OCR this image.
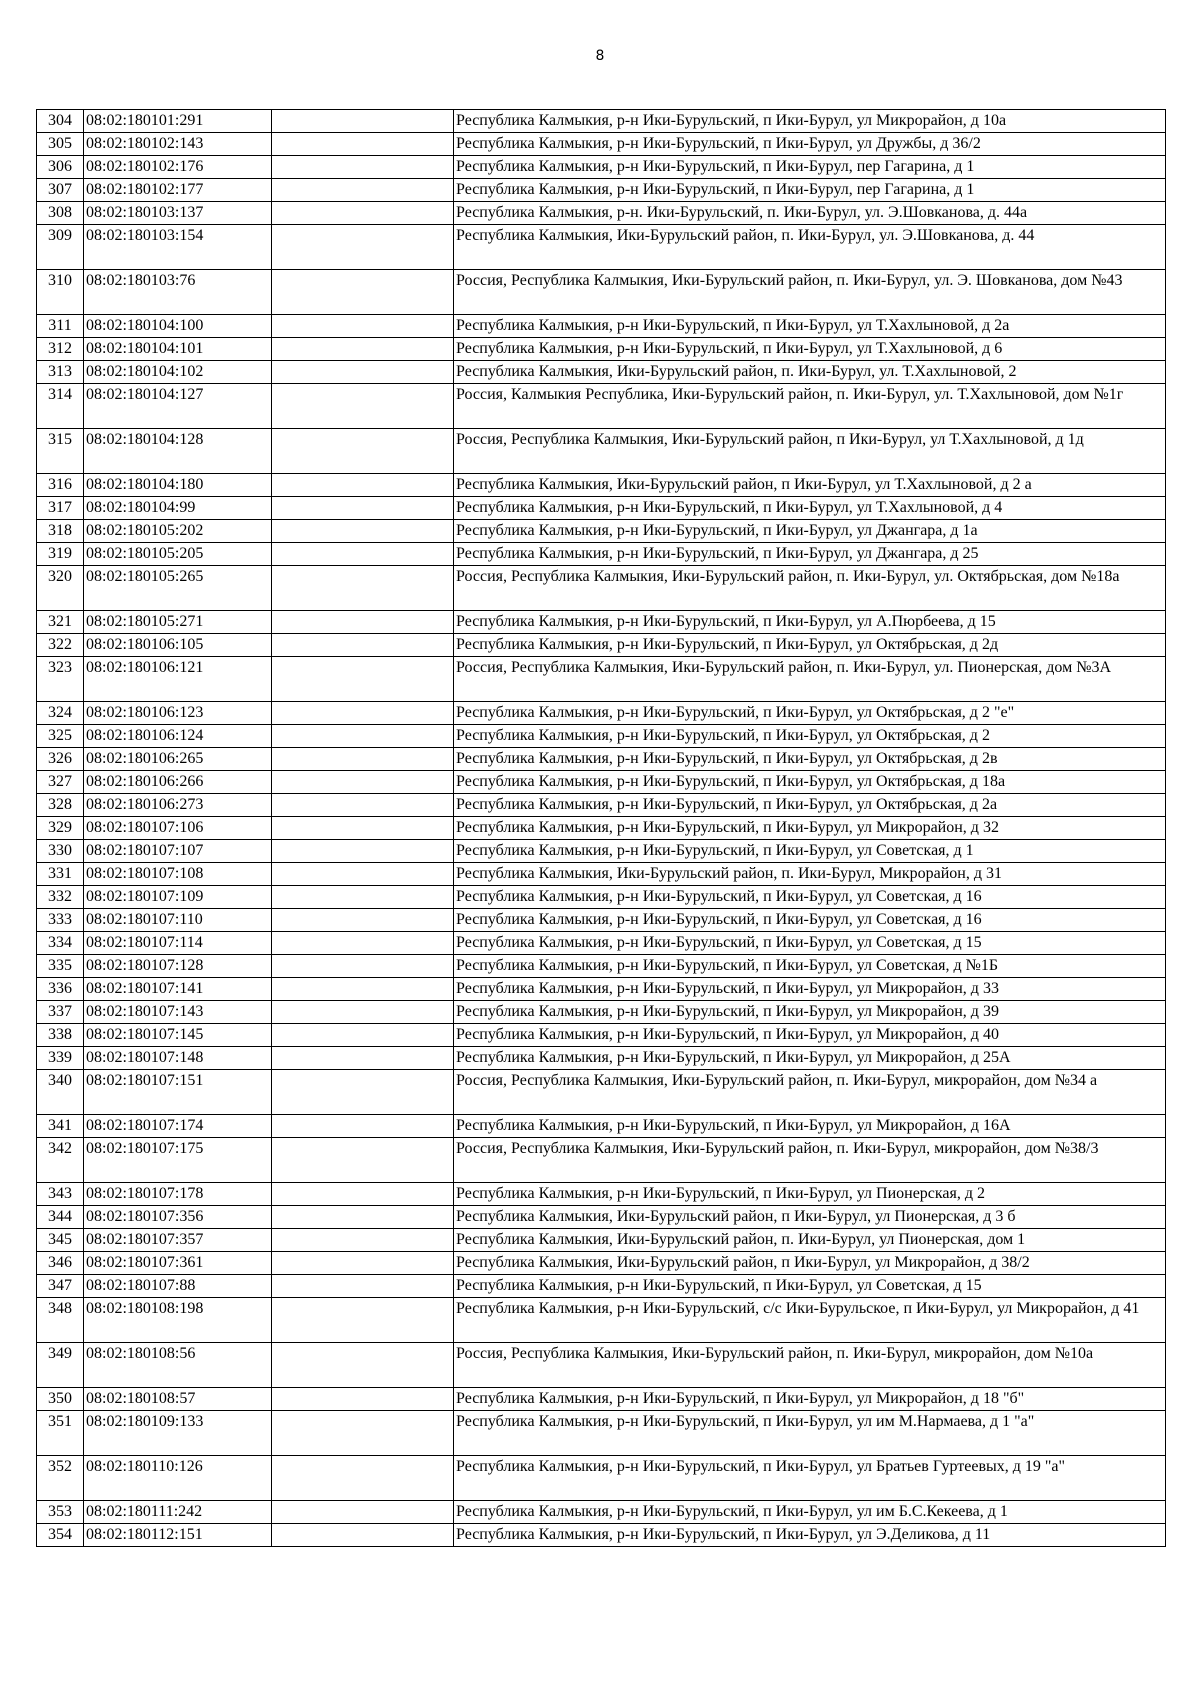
8
304	08:02:180101:291		Республика Калмыкия, р-н Ики-Бурульский, п Ики-Бурул, ул Микрорайон, д 10а
305	08:02:180102:143		Республика Калмыкия, р-н Ики-Бурульский, п Ики-Бурул, ул Дружбы, д 36/2
306	08:02:180102:176		Республика Калмыкия, р-н Ики-Бурульский, п Ики-Бурул, пер Гагарина, д 1
307	08:02:180102:177		Республика Калмыкия, р-н Ики-Бурульский, п Ики-Бурул, пер Гагарина, д 1
308	08:02:180103:137		Республика Калмыкия, р-н. Ики-Бурульский, п. Ики-Бурул, ул. Э.Шовканова, д. 44а
309	08:02:180103:154		Республика Калмыкия, Ики-Бурульский район, п. Ики-Бурул, ул. Э.Шовканова, д. 44
310	08:02:180103:76		Россия, Республика Калмыкия, Ики-Бурульский район, п. Ики-Бурул, ул. Э. Шовканова, дом №43
311	08:02:180104:100		Республика Калмыкия, р-н Ики-Бурульский, п Ики-Бурул, ул Т.Хахлыновой, д 2а
312	08:02:180104:101		Республика Калмыкия, р-н Ики-Бурульский, п Ики-Бурул, ул Т.Хахлыновой, д 6
313	08:02:180104:102		Республика Калмыкия, Ики-Бурульский район, п. Ики-Бурул, ул. Т.Хахлыновой, 2
314	08:02:180104:127		Россия, Калмыкия Республика, Ики-Бурульский район, п. Ики-Бурул, ул. Т.Хахлыновой, дом №1г
315	08:02:180104:128		Россия, Республика Калмыкия, Ики-Бурульский район, п Ики-Бурул, ул Т.Хахлыновой, д 1д
316	08:02:180104:180		Республика Калмыкия, Ики-Бурульский район, п Ики-Бурул, ул Т.Хахлыновой, д 2 а
317	08:02:180104:99		Республика Калмыкия, р-н Ики-Бурульский, п Ики-Бурул, ул Т.Хахлыновой, д 4
318	08:02:180105:202		Республика Калмыкия, р-н Ики-Бурульский, п Ики-Бурул, ул Джангара, д 1а
319	08:02:180105:205		Республика Калмыкия, р-н Ики-Бурульский, п Ики-Бурул, ул Джангара, д 25
320	08:02:180105:265		Россия, Республика Калмыкия, Ики-Бурульский район, п. Ики-Бурул, ул. Октябрьская, дом №18а
321	08:02:180105:271		Республика Калмыкия, р-н Ики-Бурульский, п Ики-Бурул, ул А.Пюрбеева, д 15
322	08:02:180106:105		Республика Калмыкия, р-н Ики-Бурульский, п Ики-Бурул, ул Октябрьская, д 2д
323	08:02:180106:121		Россия, Республика Калмыкия, Ики-Бурульский район, п. Ики-Бурул, ул. Пионерская, дом №3А
324	08:02:180106:123		Республика Калмыкия, р-н Ики-Бурульский, п Ики-Бурул, ул Октябрьская, д 2 "е"
325	08:02:180106:124		Республика Калмыкия, р-н Ики-Бурульский, п Ики-Бурул, ул Октябрьская, д 2
326	08:02:180106:265		Республика Калмыкия, р-н Ики-Бурульский, п Ики-Бурул, ул Октябрьская, д 2в
327	08:02:180106:266		Республика Калмыкия, р-н Ики-Бурульский, п Ики-Бурул, ул Октябрьская, д 18а
328	08:02:180106:273		Республика Калмыкия, р-н Ики-Бурульский, п Ики-Бурул, ул Октябрьская, д 2а
329	08:02:180107:106		Республика Калмыкия, р-н Ики-Бурульский, п Ики-Бурул, ул Микрорайон, д 32
330	08:02:180107:107		Республика Калмыкия, р-н Ики-Бурульский, п Ики-Бурул, ул Советская, д 1
331	08:02:180107:108		Республика Калмыкия, Ики-Бурульский район, п. Ики-Бурул, Микрорайон, д 31
332	08:02:180107:109		Республика Калмыкия, р-н Ики-Бурульский, п Ики-Бурул, ул Советская, д 16
333	08:02:180107:110		Республика Калмыкия, р-н Ики-Бурульский, п Ики-Бурул, ул Советская, д 16
334	08:02:180107:114		Республика Калмыкия, р-н Ики-Бурульский, п Ики-Бурул, ул Советская, д 15
335	08:02:180107:128		Республика Калмыкия, р-н Ики-Бурульский, п Ики-Бурул, ул Советская, д №1Б
336	08:02:180107:141		Республика Калмыкия, р-н Ики-Бурульский, п Ики-Бурул, ул Микрорайон, д 33
337	08:02:180107:143		Республика Калмыкия, р-н Ики-Бурульский, п Ики-Бурул, ул Микрорайон, д 39
338	08:02:180107:145		Республика Калмыкия, р-н Ики-Бурульский, п Ики-Бурул, ул Микрорайон, д 40
339	08:02:180107:148		Республика Калмыкия, р-н Ики-Бурульский, п Ики-Бурул, ул Микрорайон, д 25А
340	08:02:180107:151		Россия, Республика Калмыкия, Ики-Бурульский район, п. Ики-Бурул, микрорайон, дом №34 а
341	08:02:180107:174		Республика Калмыкия, р-н Ики-Бурульский, п Ики-Бурул, ул Микрорайон, д 16А
342	08:02:180107:175		Россия, Республика Калмыкия, Ики-Бурульский район, п. Ики-Бурул, микрорайон, дом №38/3
343	08:02:180107:178		Республика Калмыкия, р-н Ики-Бурульский, п Ики-Бурул, ул Пионерская, д 2
344	08:02:180107:356		Республика Калмыкия, Ики-Бурульский район, п Ики-Бурул, ул Пионерская, д 3 б
345	08:02:180107:357		Республика Калмыкия, Ики-Бурульский район, п. Ики-Бурул, ул Пионерская, дом 1
346	08:02:180107:361		Республика Калмыкия, Ики-Бурульский район, п Ики-Бурул, ул Микрорайон, д 38/2
347	08:02:180107:88		Республика Калмыкия, р-н Ики-Бурульский, п Ики-Бурул, ул Советская, д 15
348	08:02:180108:198		Республика Калмыкия, р-н Ики-Бурульский, с/с Ики-Бурульское, п Ики-Бурул, ул Микрорайон, д 41
349	08:02:180108:56		Россия, Республика Калмыкия, Ики-Бурульский район, п. Ики-Бурул, микрорайон, дом №10а
350	08:02:180108:57		Республика Калмыкия, р-н Ики-Бурульский, п Ики-Бурул, ул Микрорайон, д 18 "б"
351	08:02:180109:133		Республика Калмыкия, р-н Ики-Бурульский, п Ики-Бурул, ул им М.Нармаева, д 1 "а"
352	08:02:180110:126		Республика Калмыкия, р-н Ики-Бурульский, п Ики-Бурул, ул Братьев Гуртеевых, д 19 "а"
353	08:02:180111:242		Республика Калмыкия, р-н Ики-Бурульский, п Ики-Бурул, ул им Б.С.Кекеева, д 1
354	08:02:180112:151		Республика Калмыкия, р-н Ики-Бурульский, п Ики-Бурул, ул Э.Деликова, д 11
